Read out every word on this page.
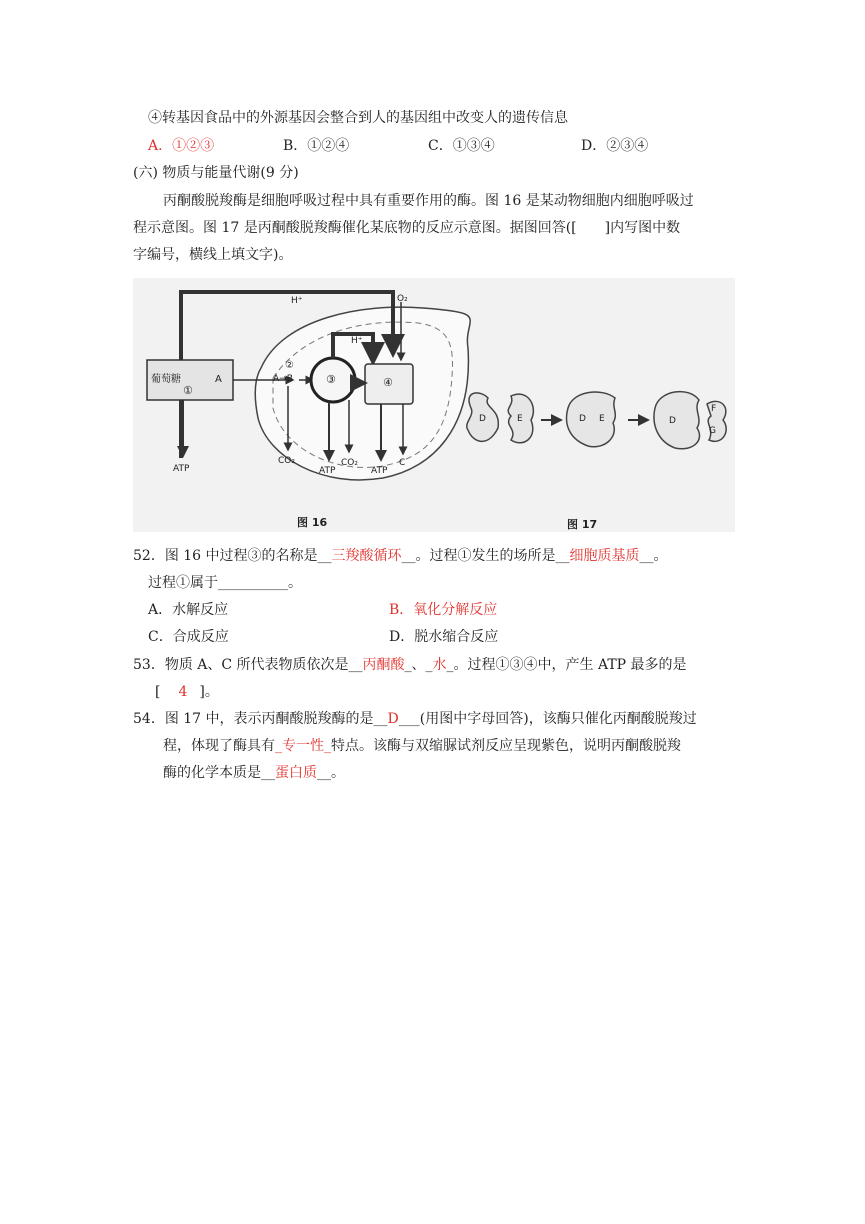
④转基因食品中的外源基因会整合到人的基因组中改变人的遗传信息
A．①②③	B．①②④	C．①③④	D．②③④
(六) 物质与能量代谢(9 分)
丙酮酸脱羧酶是细胞呼吸过程中具有重要作用的酶。图 16 是某动物细胞内细胞呼吸过
程示意图。图 17 是丙酮酸脱羧酶催化某底物的反应示意图。据图回答([　　]内写图中数
字编号，横线上填文字)。
葡萄糖	A
①
A→B
②
③	④
H⁺
H⁺
O₂
ATP
CO₂
ATP
CO₂
ATP
C
图 16
D	E	D E	D
F
G
图 17
52．图 16 中过程③的名称是__三羧酸循环__。过程①发生的场所是__细胞质基质__。
过程①属于__________。
A．水解反应	B．氧化分解反应
C．合成反应	D．脱水缩合反应
53．物质 A、C 所代表物质依次是__丙酮酸_、_水_。过程①③④中，产生 ATP 最多的是
[ 4 ]。
54．图 17 中，表示丙酮酸脱羧酶的是__D___(用图中字母回答)，该酶只催化丙酮酸脱羧过
程，体现了酶具有_专一性_特点。该酶与双缩脲试剂反应呈现紫色，说明丙酮酸脱羧
酶的化学本质是__蛋白质__。
